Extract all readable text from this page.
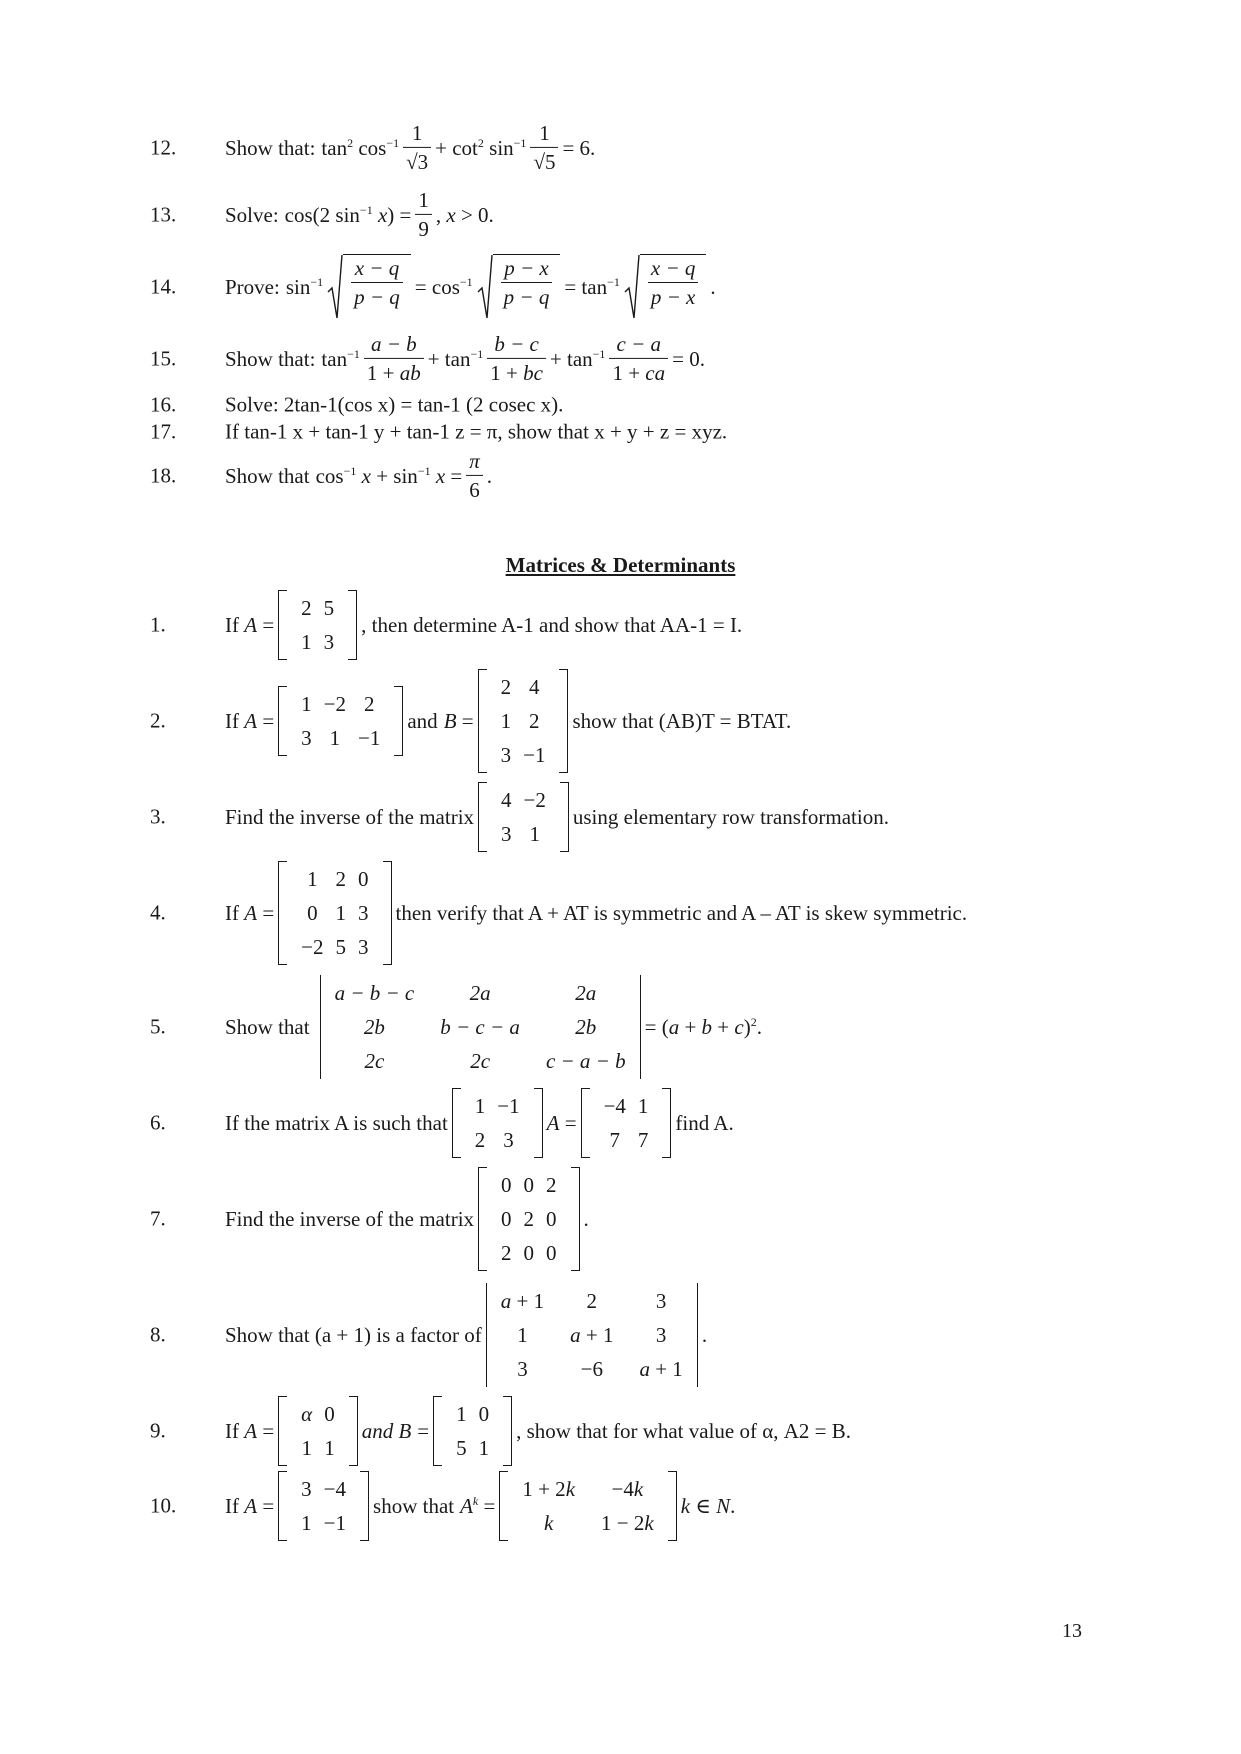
12. Show that: $\tan^2 \cos^{-1} \frac{1}{√3} + \cot^2 \sin^{-1} \frac{1}{√5} = 6$.
13. Solve: cos(2 $\sin^{-1} x) = \frac{1}{9}$ , x > 0.
14. Prove: $\sin^{-1} \frac{x - q}{p - q} = \cos^{-1} \frac{p - x}{p - q} = \tan^{-1} \frac{x - q}{p - x}$ .
15. Show that: $\tan^{-1} \frac{a - b}{1 + ab} + \tan^{-1} \frac{b - c}{1 + bc} + \tan^{-1} \frac{c - a}{1 + ca} = 0$.
16. Solve: 2tan-1(cos x) = tan-1 (2 cosec x).
17. If tan-1 x + tan-1 y + tan-1 z = π, show that x + y + z = xyz.
18. Show that $\cos^{-1} x + \sin^{-1} x = \frac{\pi}{6}$ .
Matrices & Determinants
1.	If A =
2 5
1 3
, then determine A-1 and show that AA-1 = I.
2.	If A =
1 −2 2
3 1 −1
and B =
2 4
1 2
3 −1
show that (AB)T = BTAT.
3.	Find the inverse of the matrix
4 −2
3 1
using elementary row transformation.
4.	If A =
1 2 0
0 1 3
−2 5 3
then verify that A + AT is symmetric and A – AT is skew symmetric.
5.	Show that
a − b − c	2a	2a
2b	b − c − a	2b
2c	2c	c − a − b
= $(a + b + c)^2$.
6.	If the matrix A is such that
1 −1
2 3
A =
−4 1
7 7
find A.
7.	Find the inverse of the matrix
0 0 2
0 2 0
2 0 0
.
8.	Show that (a + 1) is a factor of
a + 1	2	3
1	a + 1	3
3	−6	a + 1
.
9.	If A =
α 0
1 1
and B =
1 0
5 1
, show that for what value of α, A2 = B.
10. If A =
3 −4
1 −1
show that $A^k$ =
1 + 2k	−4k
k	1 − 2k
k ∈ N.
13
